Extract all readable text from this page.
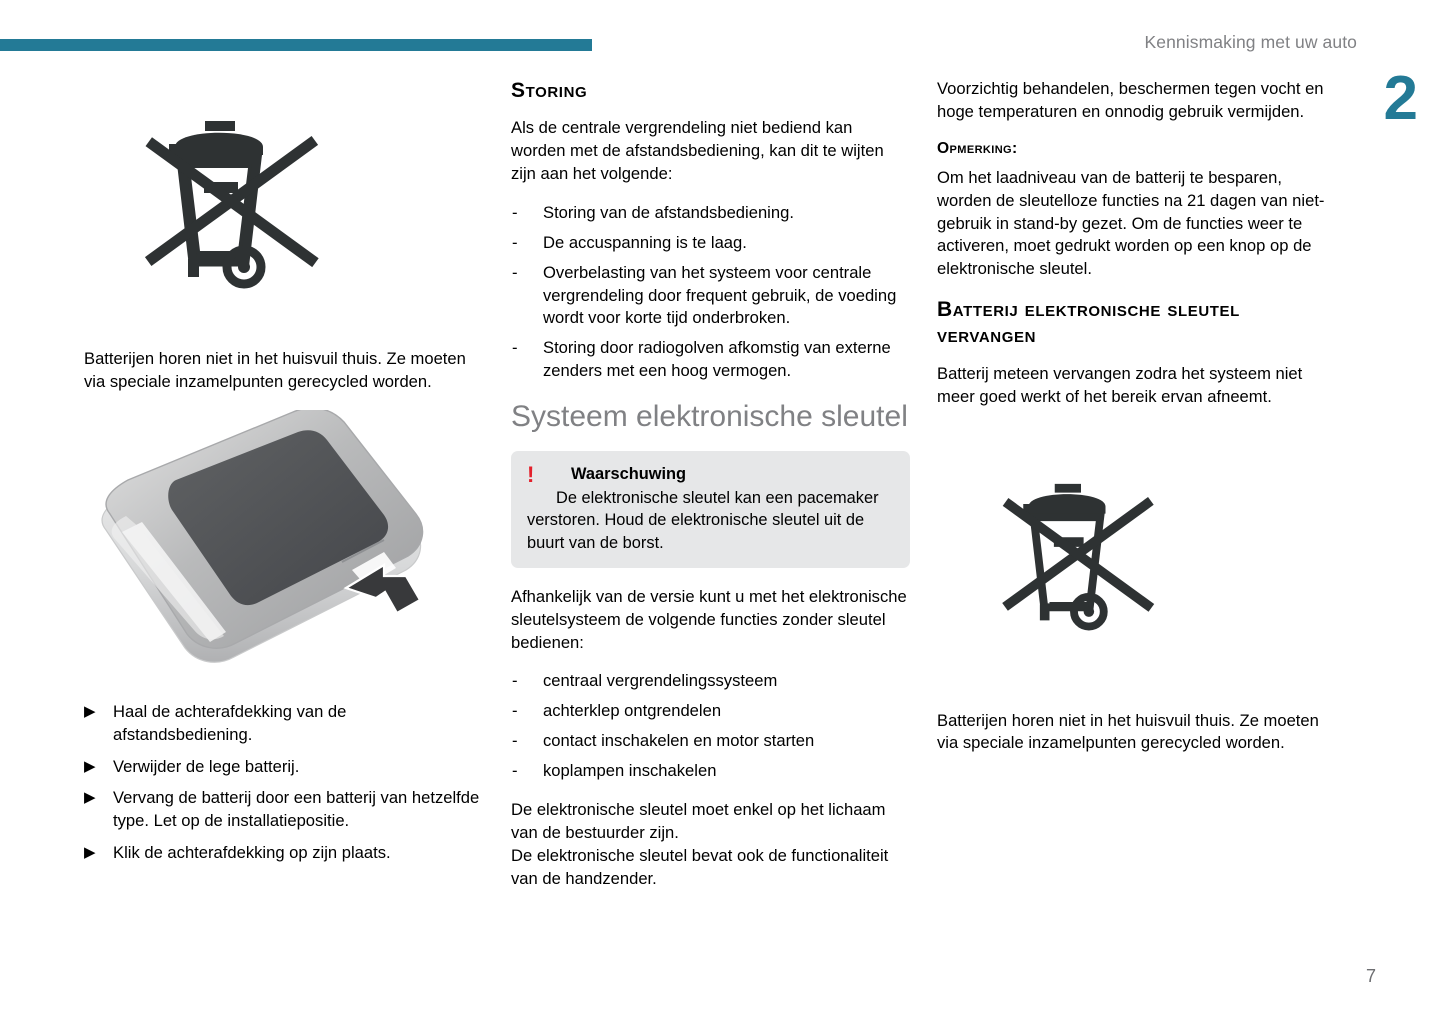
Kennismaking met uw auto
2

Batterijen horen niet in het huisvuil thuis. Ze moeten via speciale inzamelpunten gerecycled worden.

▶ Haal de achterafdekking van de afstandsbediening.
▶ Verwijder de lege batterij.
▶ Vervang de batterij door een batterij van hetzelfde type. Let op de installatiepositie.
▶ Klik de achterafdekking op zijn plaats.
Storing

Als de centrale vergrendeling niet bediend kan worden met de afstandsbediening, kan dit te wijten zijn aan het volgende:

- Storing van de afstandsbediening.
- De accuspanning is te laag.
- Overbelasting van het systeem voor centrale vergrendeling door frequent gebruik, de voeding wordt voor korte tijd onderbroken.
- Storing door radiogolven afkomstig van externe zenders met een hoog vermogen.
Systeem elektronische sleutel
! Waarschuwing

De elektronische sleutel kan een pacemaker verstoren. Houd de elektronische sleutel uit de buurt van de borst.

Afhankelijk van de versie kunt u met het elektronische sleutelsysteem de volgende functies zonder sleutel bedienen:

- centraal vergrendelingssysteem
- achterklep ontgrendelen
- contact inschakelen en motor starten
- koplampen inschakelen

De elektronische sleutel moet enkel op het lichaam van de bestuurder zijn.
De elektronische sleutel bevat ook de functionaliteit van de handzender.

Voorzichtig behandelen, beschermen tegen vocht en hoge temperaturen en onnodig gebruik vermijden.

Opmerking:

Om het laadniveau van de batterij te besparen, worden de sleutelloze functies na 21 dagen van niet-gebruik in stand-by gezet. Om de functies weer te activeren, moet gedrukt worden op een knop op de elektronische sleutel.

Batterij elektronische sleutel vervangen

Batterij meteen vervangen zodra het systeem niet meer goed werkt of het bereik ervan afneemt.

Batterijen horen niet in het huisvuil thuis. Ze moeten via speciale inzamelpunten gerecycled worden.

7
